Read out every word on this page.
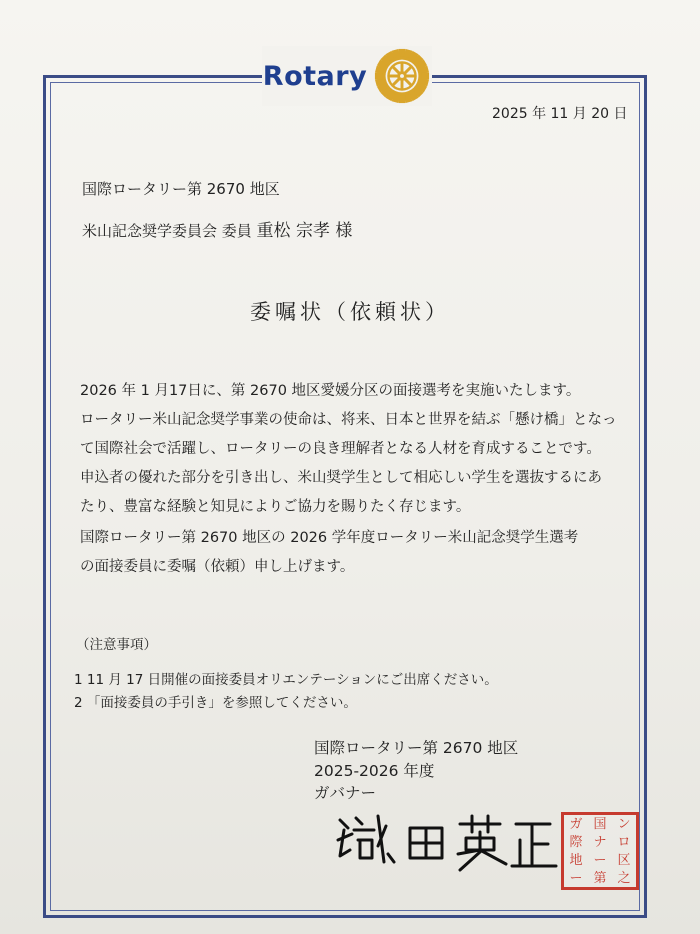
Rotary
2025 年 11 月 20 日
国際ロータリー第 2670 地区
米山記念奨学委員会 委員 重松 宗孝 様
委嘱状（依頼状）
2026 年 1 月17日に、第 2670 地区愛媛分区の面接選考を実施いたします。
ロータリー米山記念奨学事業の使命は、将来、日本と世界を結ぶ「懸け橋」となっ
て国際社会で活躍し、ロータリーの良き理解者となる人材を育成することです。
申込者の優れた部分を引き出し、米山奨学生として相応しい学生を選抜するにあ
たり、豊富な経験と知見によりご協力を賜りたく存じます。
国際ロータリー第 2670 地区の 2026 学年度ロータリー米山記念奨学生選考
の面接委員に委嘱（依頼）申し上げます。
（注意事項）
1 11 月 17 日開催の面接委員オリエンテーションにご出席ください。
2 「面接委員の手引き」を参照してください。
国際ロータリー第 2670 地区
2025-2026 年度
ガバナー
ガ 国 ン
際 ナ ロ
地 ー 区
ー 第 之
